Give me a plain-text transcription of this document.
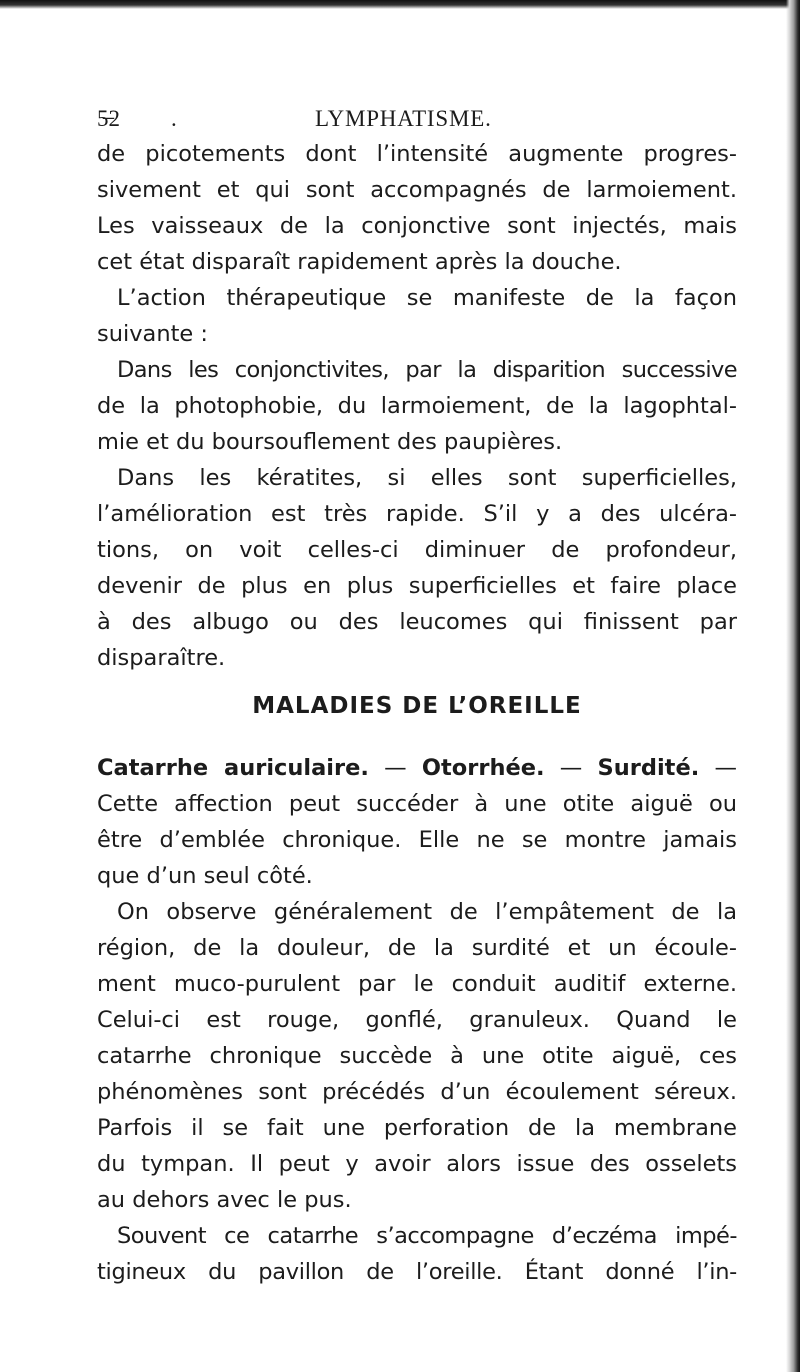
5̶2 .	LYMPHATISME.
de picotements dont l’intensité augmente progres-
sivement et qui sont accompagnés de larmoiement.
Les vaisseaux de la conjonctive sont injectés, mais
cet état disparaît rapidement après la douche.
L’action thérapeutique se manifeste de la façon
suivante :
Dans les conjonctivites, par la disparition successive
de la photophobie, du larmoiement, de la lagophtal-
mie et du boursouflement des paupières.
Dans les kératites, si elles sont superficielles,
l’amélioration est très rapide. S’il y a des ulcéra-
tions, on voit celles-ci diminuer de profondeur,
devenir de plus en plus superficielles et faire place
à des albugo ou des leucomes qui finissent par
disparaître.
MALADIES DE L’OREILLE
Catarrhe auriculaire. — Otorrhée. — Surdité. —
Cette affection peut succéder à une otite aiguë ou
être d’emblée chronique. Elle ne se montre jamais
que d’un seul côté.
On observe généralement de l’empâtement de la
région, de la douleur, de la surdité et un écoule-
ment muco-purulent par le conduit auditif externe.
Celui-ci est rouge, gonflé, granuleux. Quand le
catarrhe chronique succède à une otite aiguë, ces
phénomènes sont précédés d’un écoulement séreux.
Parfois il se fait une perforation de la membrane
du tympan. Il peut y avoir alors issue des osselets
au dehors avec le pus.
Souvent ce catarrhe s’accompagne d’eczéma impé-
tigineux du pavillon de l’oreille. Étant donné l’in-
